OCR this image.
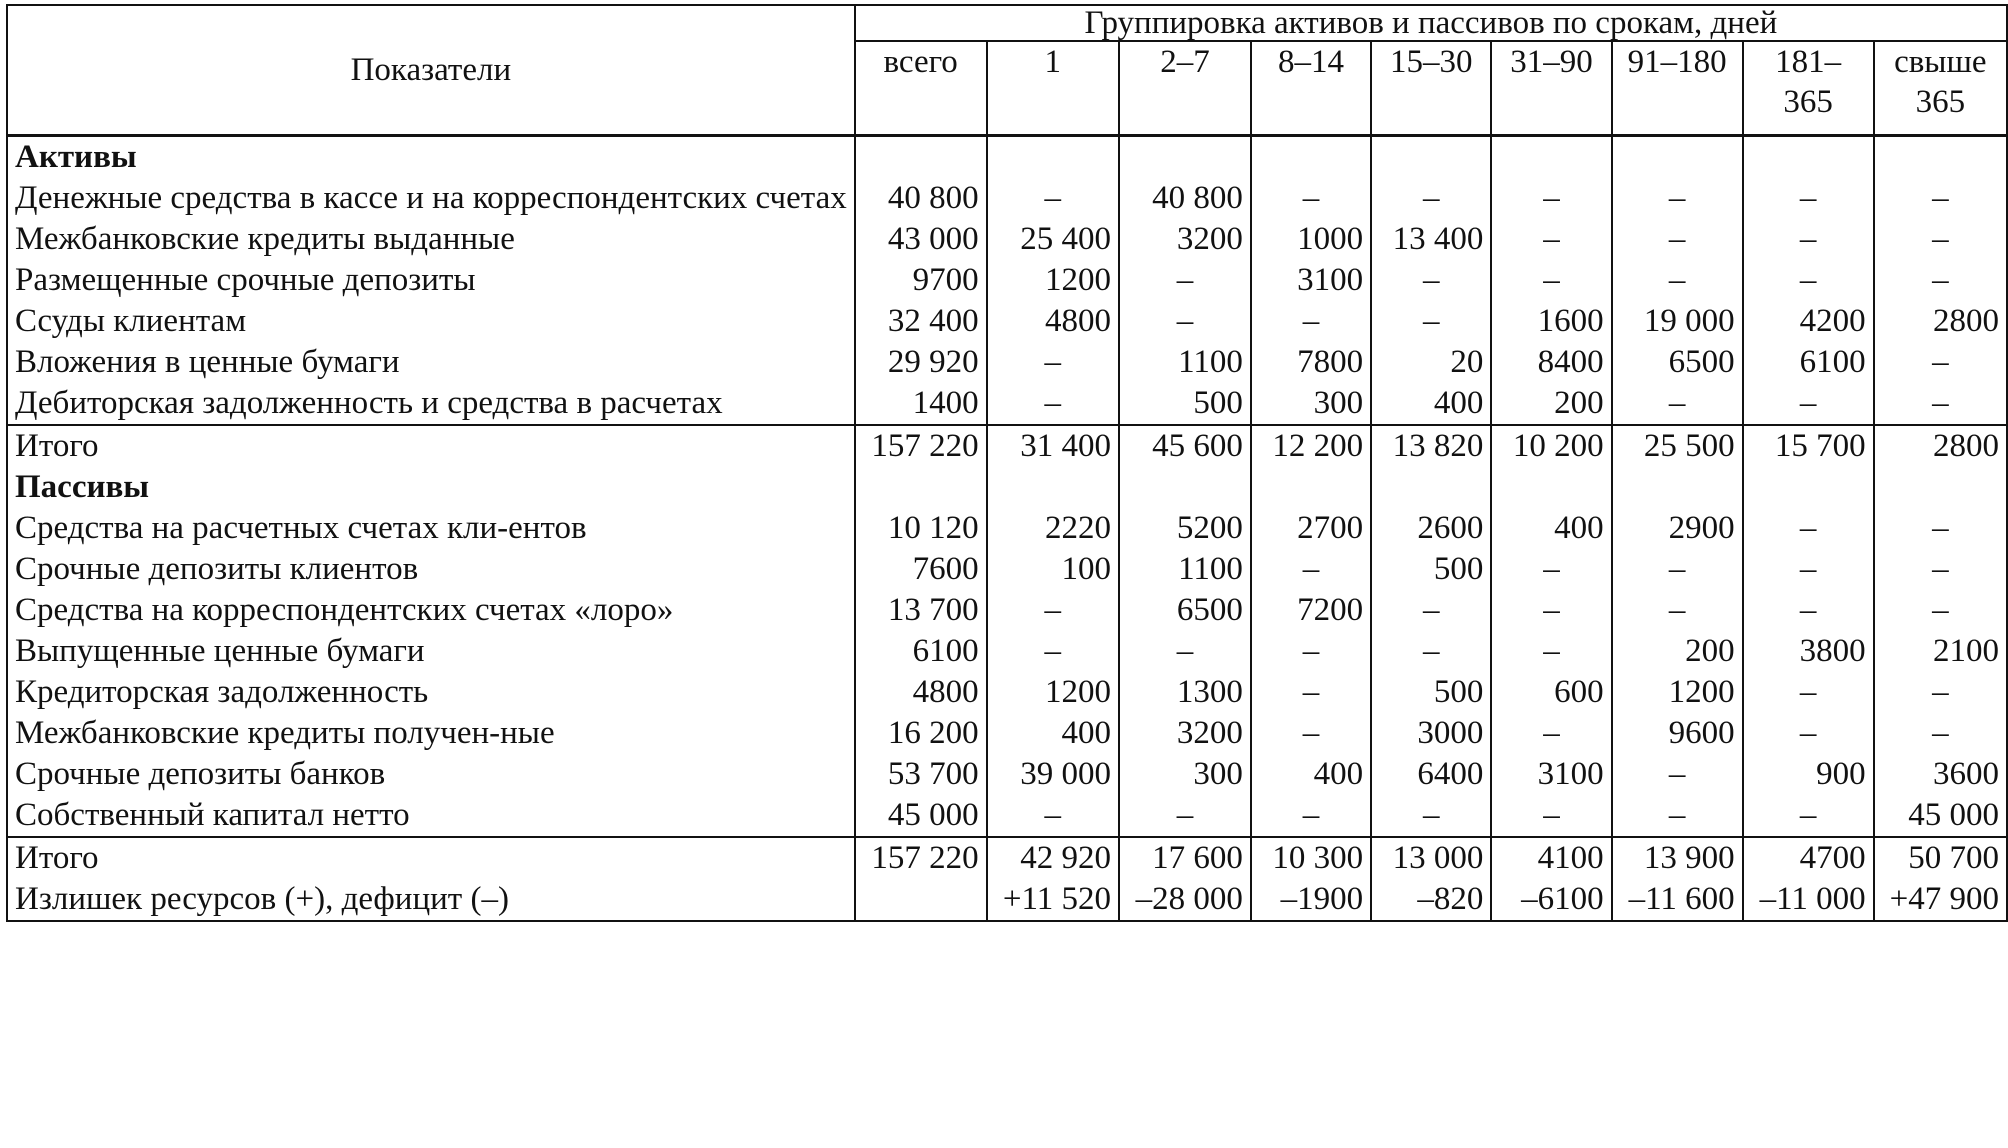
Показатели	Группировка активов и пассивов по срокам, дней								
	всего	1	2–7	8–14	15–30	31–90	91–180	181–365	свыше 365
Активы									
Денежные средства в кассе и на корреспондентских счетах	40 800	–	40 800	–	–	–	–	–	–
Межбанковские кредиты выданные	43 000	25 400	3200	1000	13 400	–	–	–	–
Размещенные срочные депозиты	9700	1200	–	3100	–	–	–	–	–
Ссуды клиентам	32 400	4800	–	–	–	1600	19 000	4200	2800
Вложения в ценные бумаги	29 920	–	1100	7800	20	8400	6500	6100	–
Дебиторская задолженность и средства в расчетах	1400	–	500	300	400	200	–	–	–
Итого	157 220	31 400	45 600	12 200	13 820	10 200	25 500	15 700	2800
Пассивы									
Средства на расчетных счетах кли-ентов	10 120	2220	5200	2700	2600	400	2900	–	–
Срочные депозиты клиентов	7600	100	1100	–	500	–	–	–	–
Средства на корреспондентских счетах «лоро»	13 700	–	6500	7200	–	–	–	–	–
Выпущенные ценные бумаги	6100	–	–	–	–	–	200	3800	2100
Кредиторская задолженность	4800	1200	1300	–	500	600	1200	–	–
Межбанковские кредиты получен-ные	16 200	400	3200	–	3000	–	9600	–	–
Срочные депозиты банков	53 700	39 000	300	400	6400	3100	–	900	3600
Собственный капитал нетто	45 000	–	–	–	–	–	–	–	45 000
Итого	157 220	42 920	17 600	10 300	13 000	4100	13 900	4700	50 700
Излишек ресурсов (+), дефицит (–)		+11 520	–28 000	–1900	–820	–6100	–11 600	–11 000	+47 900
